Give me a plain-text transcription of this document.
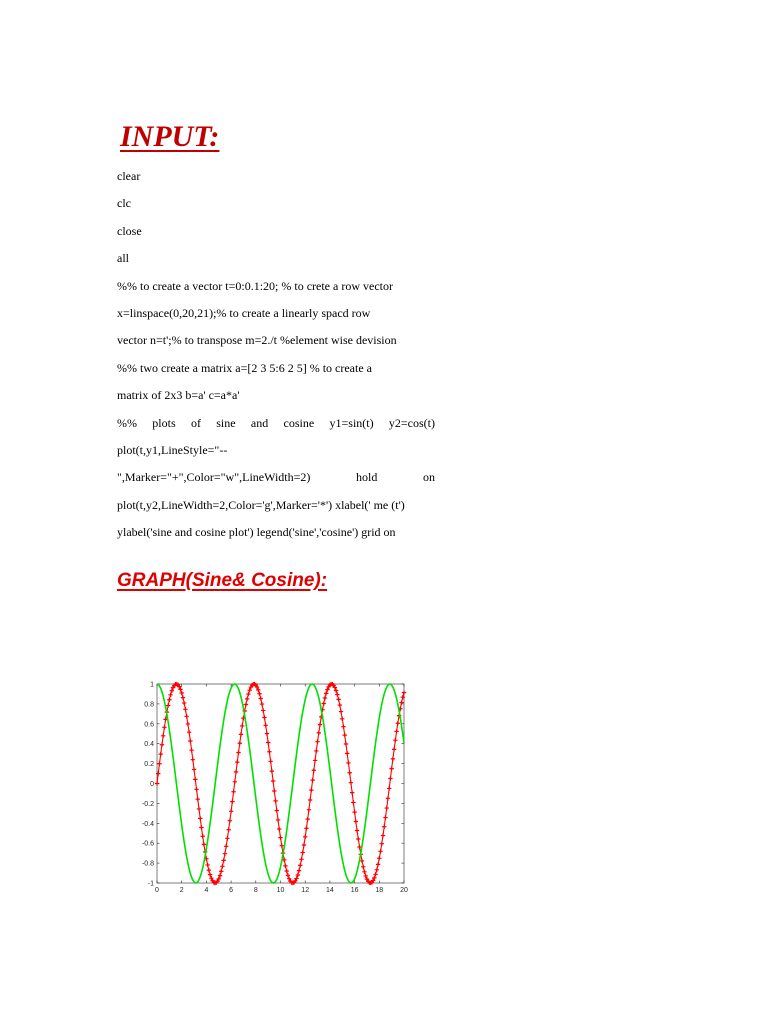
INPUT:
clear
clc
close
all
%% to create a vector t=0:0.1:20; % to crete a row vector
x=linspace(0,20,21);% to create a linearly spacd row
vector n=t';% to transpose m=2./t %element wise devision
%% two create a matrix a=[2 3 5:6 2 5] % to create a
matrix of 2x3 b=a' c=a*a'
%% plots of sine and cosine y1=sin(t) y2=cos(t)
plot(t,y1,LineStyle="--
",Marker="+",Color="w",LineWidth=2) hold on
plot(t,y2,LineWidth=2,Color='g',Marker='*') xlabel(' me (t')
ylabel('sine and cosine plot') legend('sine','cosine') grid on
GRAPH(Sine& Cosine):
0	2	4	6	8	10 12 14 16 18 20
1
0.8
0.6
0.4
0.2
0
-0.2
-0.4
-0.6
-0.8
-1
